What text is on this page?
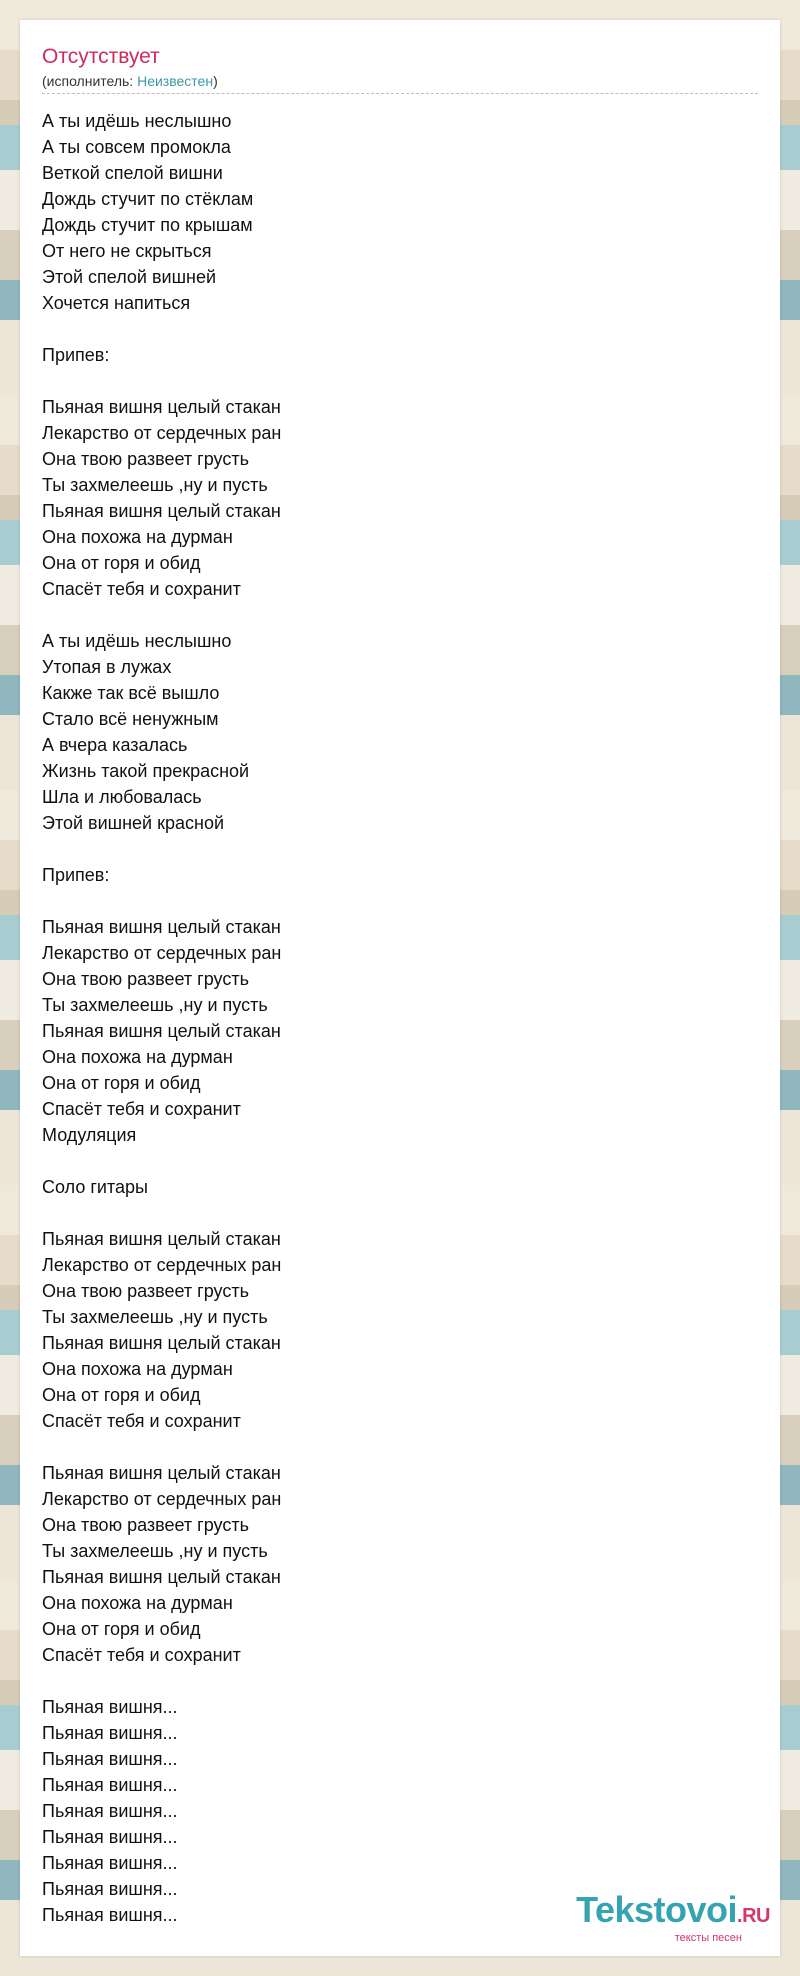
Отсутствует
(исполнитель: Неизвестен)
А ты идёшь неслышно
А ты совсем промокла
Веткой спелой вишни
Дождь стучит по стёклам
Дождь стучит по крышам
От него не скрыться
Этой спелой вишней
Хочется напиться
Припев:
Пьяная вишня целый стакан
Лекарство от сердечных ран
Она твою развеет грусть
Ты захмелеешь ,ну и пусть
Пьяная вишня целый стакан
Она похожа на дурман
Она от горя и обид
Спасёт тебя и сохранит
А ты идёшь неслышно
Утопая в лужах
Какже так всё вышло
Стало всё ненужным
А вчера казалась
Жизнь такой прекрасной
Шла и любовалась
Этой вишней красной
Припев:
Пьяная вишня целый стакан
Лекарство от сердечных ран
Она твою развеет грусть
Ты захмелеешь ,ну и пусть
Пьяная вишня целый стакан
Она похожа на дурман
Она от горя и обид
Спасёт тебя и сохранит
Модуляция
Соло гитары
Пьяная вишня целый стакан
Лекарство от сердечных ран
Она твою развеет грусть
Ты захмелеешь ,ну и пусть
Пьяная вишня целый стакан
Она похожа на дурман
Она от горя и обид
Спасёт тебя и сохранит
Пьяная вишня целый стакан
Лекарство от сердечных ран
Она твою развеет грусть
Ты захмелеешь ,ну и пусть
Пьяная вишня целый стакан
Она похожа на дурман
Она от горя и обид
Спасёт тебя и сохранит
Пьяная вишня...
Пьяная вишня...
Пьяная вишня...
Пьяная вишня...
Пьяная вишня...
Пьяная вишня...
Пьяная вишня...
Пьяная вишня...
Пьяная вишня...	Tekstovoi.RU
тексты песен
